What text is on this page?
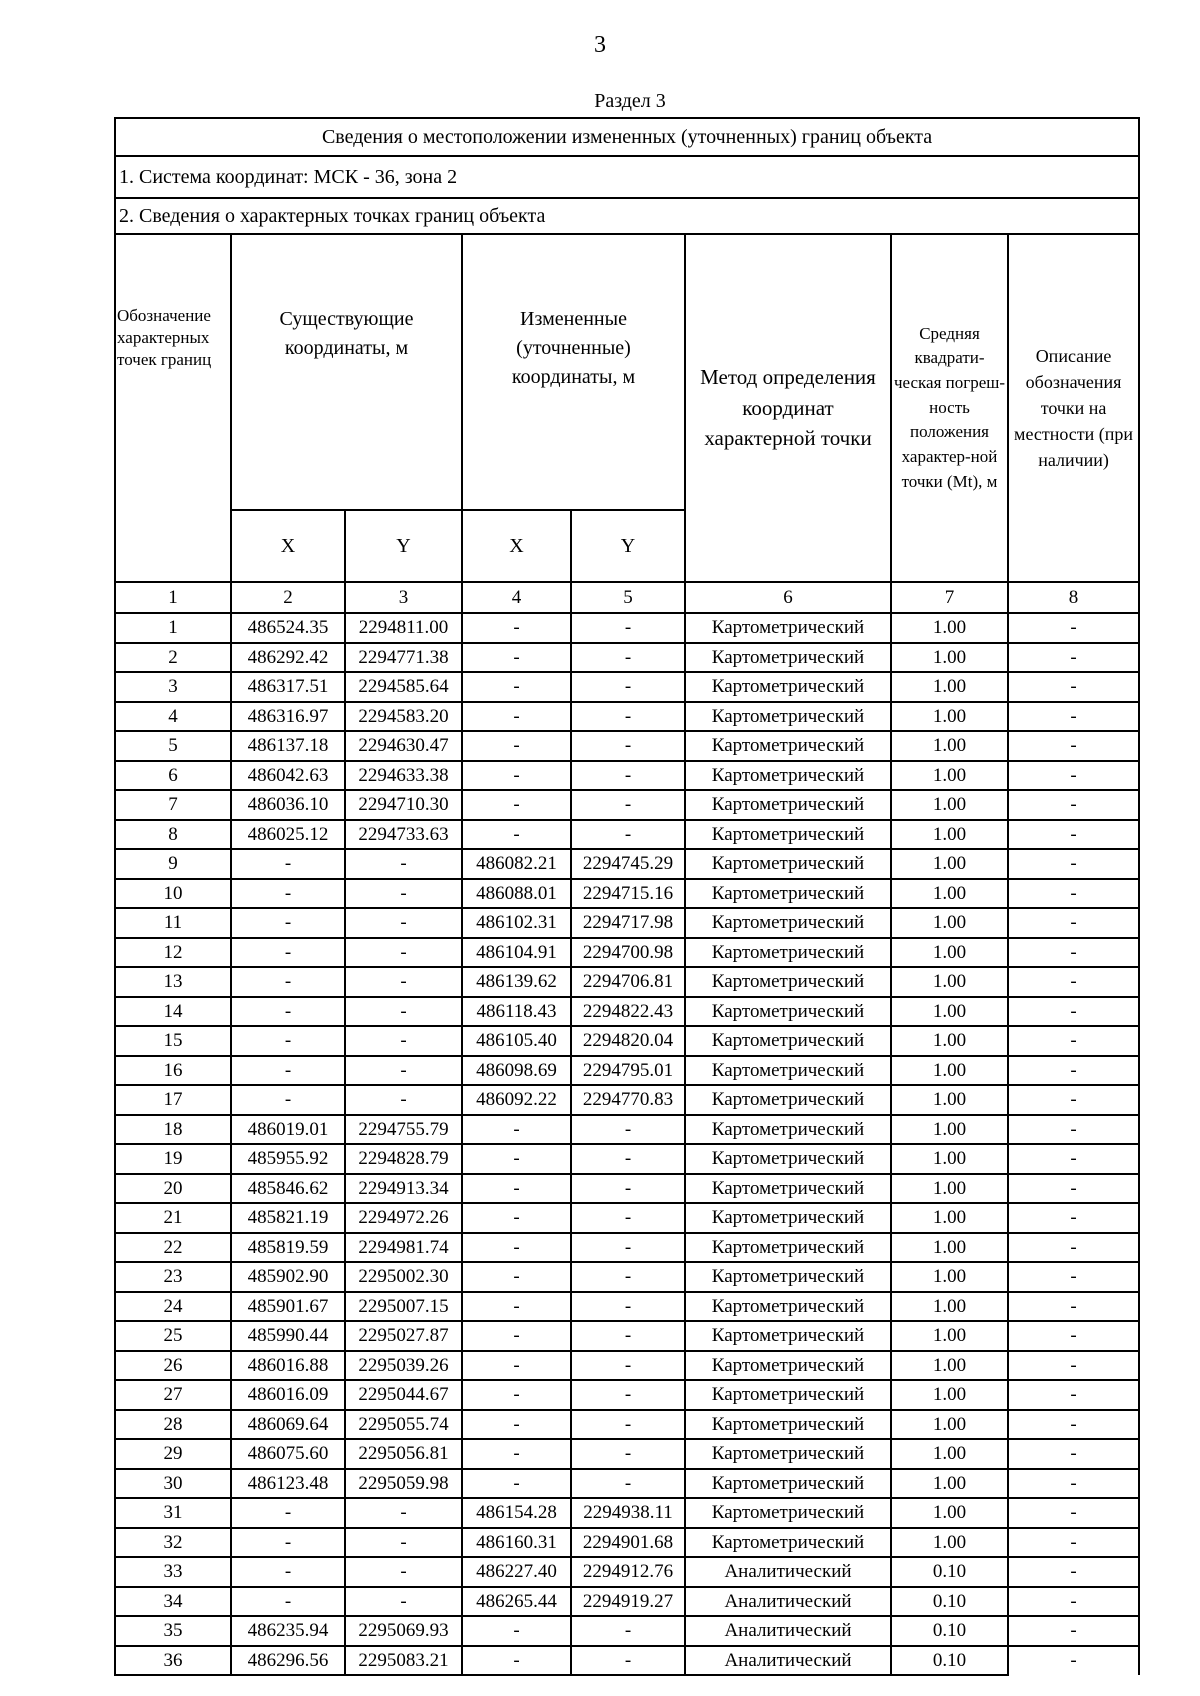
3
Раздел 3
Сведения о местоположении измененных (уточненных) границ объекта							
1. Система координат: МСК - 36, зона 2							
2. Сведения о характерных точках границ объекта							
Обозначение характерных точек границ	Существующие координаты, м		Измененные (уточненные) координаты, м		Метод определения координат характерной точки	Средняя квадрати-ческая погреш-ность положения характер-ной точки (Mt), м	Описание обозначения точки на местности (при наличии)
	X	Y	X	Y			
1	2	3	4	5	6	7	8
1	486524.35	2294811.00	-	-	Картометрический	1.00	-
2	486292.42	2294771.38	-	-	Картометрический	1.00	-
3	486317.51	2294585.64	-	-	Картометрический	1.00	-
4	486316.97	2294583.20	-	-	Картометрический	1.00	-
5	486137.18	2294630.47	-	-	Картометрический	1.00	-
6	486042.63	2294633.38	-	-	Картометрический	1.00	-
7	486036.10	2294710.30	-	-	Картометрический	1.00	-
8	486025.12	2294733.63	-	-	Картометрический	1.00	-
9	-	-	486082.21	2294745.29	Картометрический	1.00	-
10	-	-	486088.01	2294715.16	Картометрический	1.00	-
11	-	-	486102.31	2294717.98	Картометрический	1.00	-
12	-	-	486104.91	2294700.98	Картометрический	1.00	-
13	-	-	486139.62	2294706.81	Картометрический	1.00	-
14	-	-	486118.43	2294822.43	Картометрический	1.00	-
15	-	-	486105.40	2294820.04	Картометрический	1.00	-
16	-	-	486098.69	2294795.01	Картометрический	1.00	-
17	-	-	486092.22	2294770.83	Картометрический	1.00	-
18	486019.01	2294755.79	-	-	Картометрический	1.00	-
19	485955.92	2294828.79	-	-	Картометрический	1.00	-
20	485846.62	2294913.34	-	-	Картометрический	1.00	-
21	485821.19	2294972.26	-	-	Картометрический	1.00	-
22	485819.59	2294981.74	-	-	Картометрический	1.00	-
23	485902.90	2295002.30	-	-	Картометрический	1.00	-
24	485901.67	2295007.15	-	-	Картометрический	1.00	-
25	485990.44	2295027.87	-	-	Картометрический	1.00	-
26	486016.88	2295039.26	-	-	Картометрический	1.00	-
27	486016.09	2295044.67	-	-	Картометрический	1.00	-
28	486069.64	2295055.74	-	-	Картометрический	1.00	-
29	486075.60	2295056.81	-	-	Картометрический	1.00	-
30	486123.48	2295059.98	-	-	Картометрический	1.00	-
31	-	-	486154.28	2294938.11	Картометрический	1.00	-
32	-	-	486160.31	2294901.68	Картометрический	1.00	-
33	-	-	486227.40	2294912.76	Аналитический	0.10	-
34	-	-	486265.44	2294919.27	Аналитический	0.10	-
35	486235.94	2295069.93	-	-	Аналитический	0.10	-
36	486296.56	2295083.21	-	-	Аналитический	0.10	-
